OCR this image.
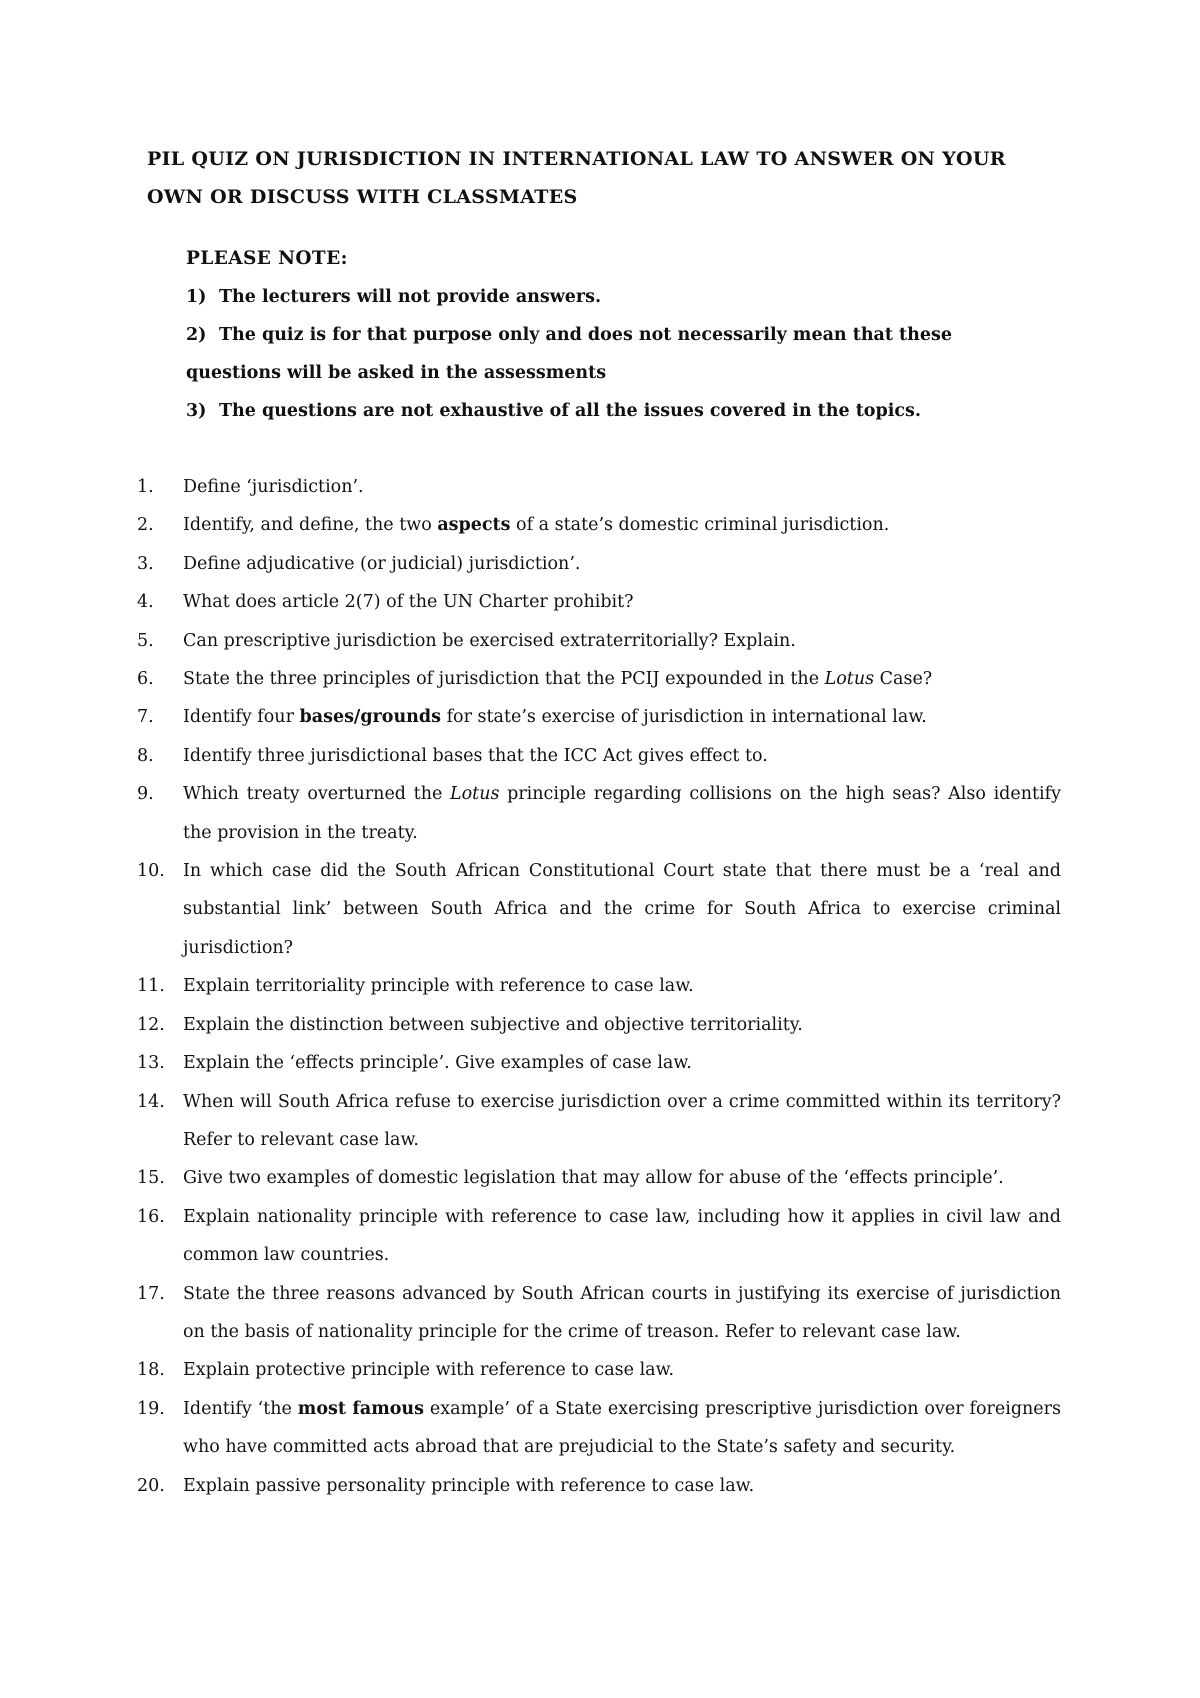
PIL QUIZ ON JURISDICTION IN INTERNATIONAL LAW TO ANSWER ON YOUR OWN OR DISCUSS WITH CLASSMATES
PLEASE NOTE:
1) The lecturers will not provide answers.
2) The quiz is for that purpose only and does not necessarily mean that these questions will be asked in the assessments
3) The questions are not exhaustive of all the issues covered in the topics.
1.	Define ‘jurisdiction’.
2.	Identify, and define, the two aspects of a state’s domestic criminal jurisdiction.
3.	Define adjudicative (or judicial) jurisdiction’.
4.	What does article 2(7) of the UN Charter prohibit?
5.	Can prescriptive jurisdiction be exercised extraterritorially? Explain.
6.	State the three principles of jurisdiction that the PCIJ expounded in the Lotus Case?
7.	Identify four bases/grounds for state’s exercise of jurisdiction in international law.
8.	Identify three jurisdictional bases that the ICC Act gives effect to.
9.	Which treaty overturned the Lotus principle regarding collisions on the high seas? Also identify the provision in the treaty.
10.	In which case did the South African Constitutional Court state that there must be a ‘real and substantial link’ between South Africa and the crime for South Africa to exercise criminal jurisdiction?
11.	Explain territoriality principle with reference to case law.
12.	Explain the distinction between subjective and objective territoriality.
13.	Explain the ‘effects principle’. Give examples of case law.
14.	When will South Africa refuse to exercise jurisdiction over a crime committed within its territory? Refer to relevant case law.
15.	Give two examples of domestic legislation that may allow for abuse of the ‘effects principle’.
16.	Explain nationality principle with reference to case law, including how it applies in civil law and common law countries.
17.	State the three reasons advanced by South African courts in justifying its exercise of jurisdiction on the basis of nationality principle for the crime of treason. Refer to relevant case law.
18.	Explain protective principle with reference to case law.
19.	Identify ‘the most famous example’ of a State exercising prescriptive jurisdiction over foreigners who have committed acts abroad that are prejudicial to the State’s safety and security.
20.	Explain passive personality principle with reference to case law.
